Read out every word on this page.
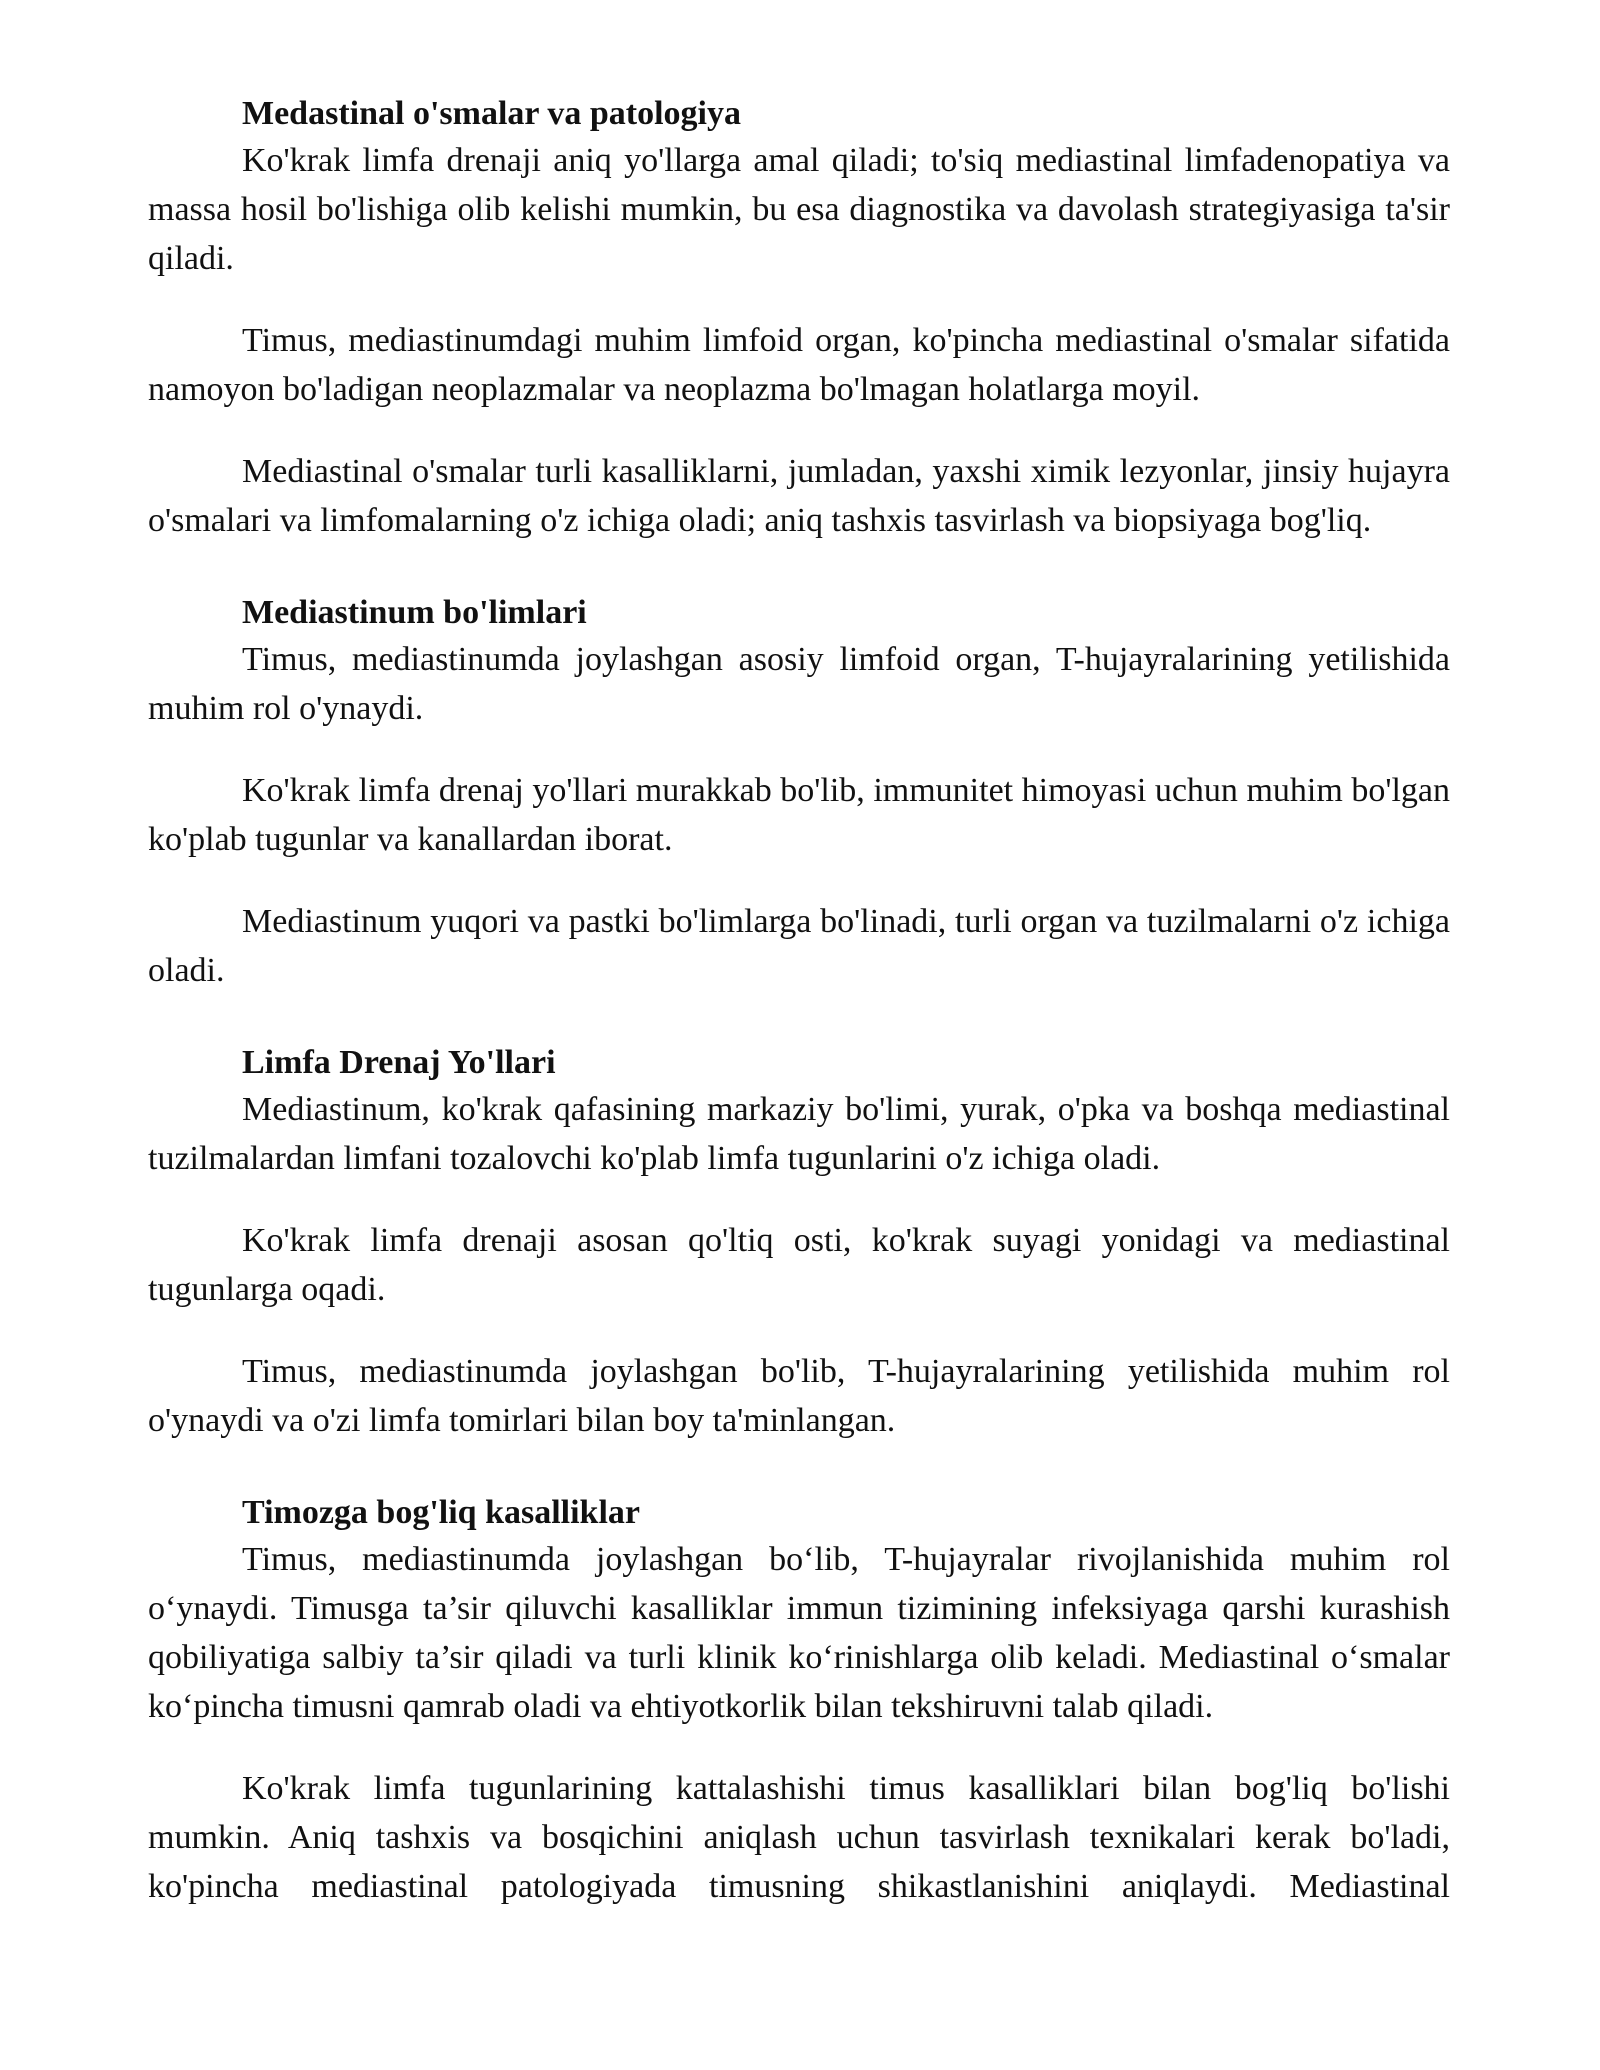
Medastinal o'smalar va patologiya

Ko'krak limfa drenaji aniq yo'llarga amal qiladi; to'siq mediastinal limfadenopatiya va massa hosil bo'lishiga olib kelishi mumkin, bu esa diagnostika va davolash strategiyasiga ta'sir qiladi.

Timus, mediastinumdagi muhim limfoid organ, ko'pincha mediastinal o'smalar sifatida namoyon bo'ladigan neoplazmalar va neoplazma bo'lmagan holatlarga moyil.

Mediastinal o'smalar turli kasalliklarni, jumladan, yaxshi ximik lezyonlar, jinsiy hujayra o'smalari va limfomalarning o'z ichiga oladi; aniq tashxis tasvirlash va biopsiyaga bog'liq.

Mediastinum bo'limlari

Timus, mediastinumda joylashgan asosiy limfoid organ, T-hujayralarining yetilishida muhim rol o'ynaydi.

Ko'krak limfa drenaj yo'llari murakkab bo'lib, immunitet himoyasi uchun muhim bo'lgan ko'plab tugunlar va kanallardan iborat.

Mediastinum yuqori va pastki bo'limlarga bo'linadi, turli organ va tuzilmalarni o'z ichiga oladi.

Limfa Drenaj Yo'llari

Mediastinum, ko'krak qafasining markaziy bo'limi, yurak, o'pka va boshqa mediastinal tuzilmalardan limfani tozalovchi ko'plab limfa tugunlarini o'z ichiga oladi.

Ko'krak limfa drenaji asosan qo'ltiq osti, ko'krak suyagi yonidagi va mediastinal tugunlarga oqadi.

Timus, mediastinumda joylashgan bo'lib, T-hujayralarining yetilishida muhim rol o'ynaydi va o'zi limfa tomirlari bilan boy ta'minlangan.

Timozga bog'liq kasalliklar

Timus, mediastinumda joylashgan bo‘lib, T-hujayralar rivojlanishida muhim rol o‘ynaydi. Timusga ta’sir qiluvchi kasalliklar immun tizimining infeksiyaga qarshi kurashish qobiliyatiga salbiy ta’sir qiladi va turli klinik ko‘rinishlarga olib keladi. Mediastinal o‘smalar ko‘pincha timusni qamrab oladi va ehtiyotkorlik bilan tekshiruvni talab qiladi.

Ko'krak limfa tugunlarining kattalashishi timus kasalliklari bilan bog'liq bo'lishi mumkin. Aniq tashxis va bosqichini aniqlash uchun tasvirlash texnikalari kerak bo'ladi, ko'pincha mediastinal patologiyada timusning shikastlanishini aniqlaydi. Mediastinal
